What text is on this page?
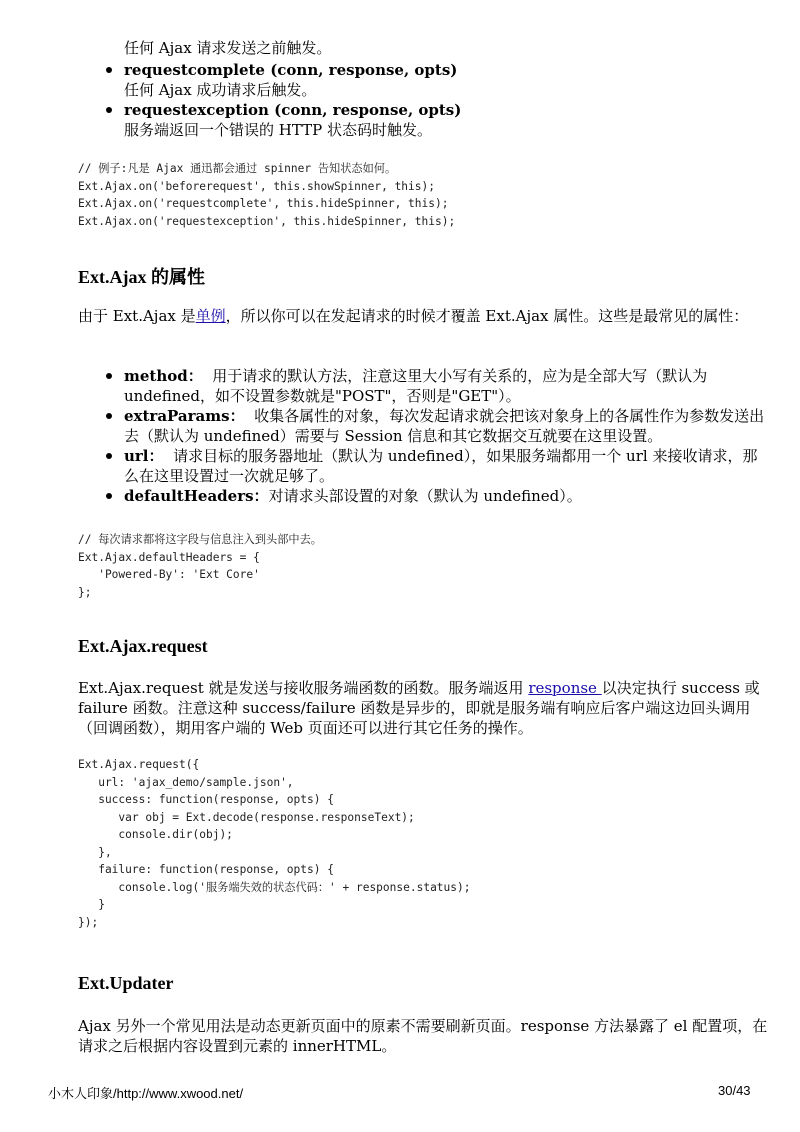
任何 Ajax 请求发送之前触发。
requestcomplete (conn, response, opts)
任何 Ajax 成功请求后触发。
requestexception (conn, response, opts)
服务端返回一个错误的 HTTP 状态码时触发。
// 例子:凡是 Ajax 通迅都会通过 spinner 告知状态如何。
Ext.Ajax.on('beforerequest', this.showSpinner, this);
Ext.Ajax.on('requestcomplete', this.hideSpinner, this);
Ext.Ajax.on('requestexception', this.hideSpinner, this);
Ext.Ajax 的属性
由于 Ext.Ajax 是单例，所以你可以在发起请求的时候才覆盖 Ext.Ajax 属性。这些是最常见的属性：
method： 用于请求的默认方法，注意这里大小写有关系的，应为是全部大写（默认为 undefined，如不设置参数就是"POST"，否则是"GET"）。
extraParams： 收集各属性的对象，每次发起请求就会把该对象身上的各属性作为参数发送出去（默认为 undefined）需要与 Session 信息和其它数据交互就要在这里设置。
url： 请求目标的服务器地址（默认为 undefined），如果服务端都用一个 url 来接收请求，那么在这里设置过一次就足够了。
defaultHeaders：对请求头部设置的对象（默认为 undefined）。
// 每次请求都将这字段与信息注入到头部中去。
Ext.Ajax.defaultHeaders = {
'Powered-By': 'Ext Core'
};
Ext.Ajax.request
Ext.Ajax.request 就是发送与接收服务端函数的函数。服务端返用 response 以决定执行 success 或 failure 函数。注意这种 success/failure 函数是异步的，即就是服务端有响应后客户端这边回头调用（回调函数），期用客户端的 Web 页面还可以进行其它任务的操作。
Ext.Ajax.request({
url: 'ajax_demo/sample.json',
success: function(response, opts) {
var obj = Ext.decode(response.responseText);
console.dir(obj);
},
failure: function(response, opts) {
console.log('服务端失效的状态代码：' + response.status);
}
});
Ext.Updater
Ajax 另外一个常见用法是动态更新页面中的原素不需要刷新页面。response 方法暴露了 el 配置项，在请求之后根据内容设置到元素的 innerHTML。
小木人印象/http://www.xwood.net/	30/43
